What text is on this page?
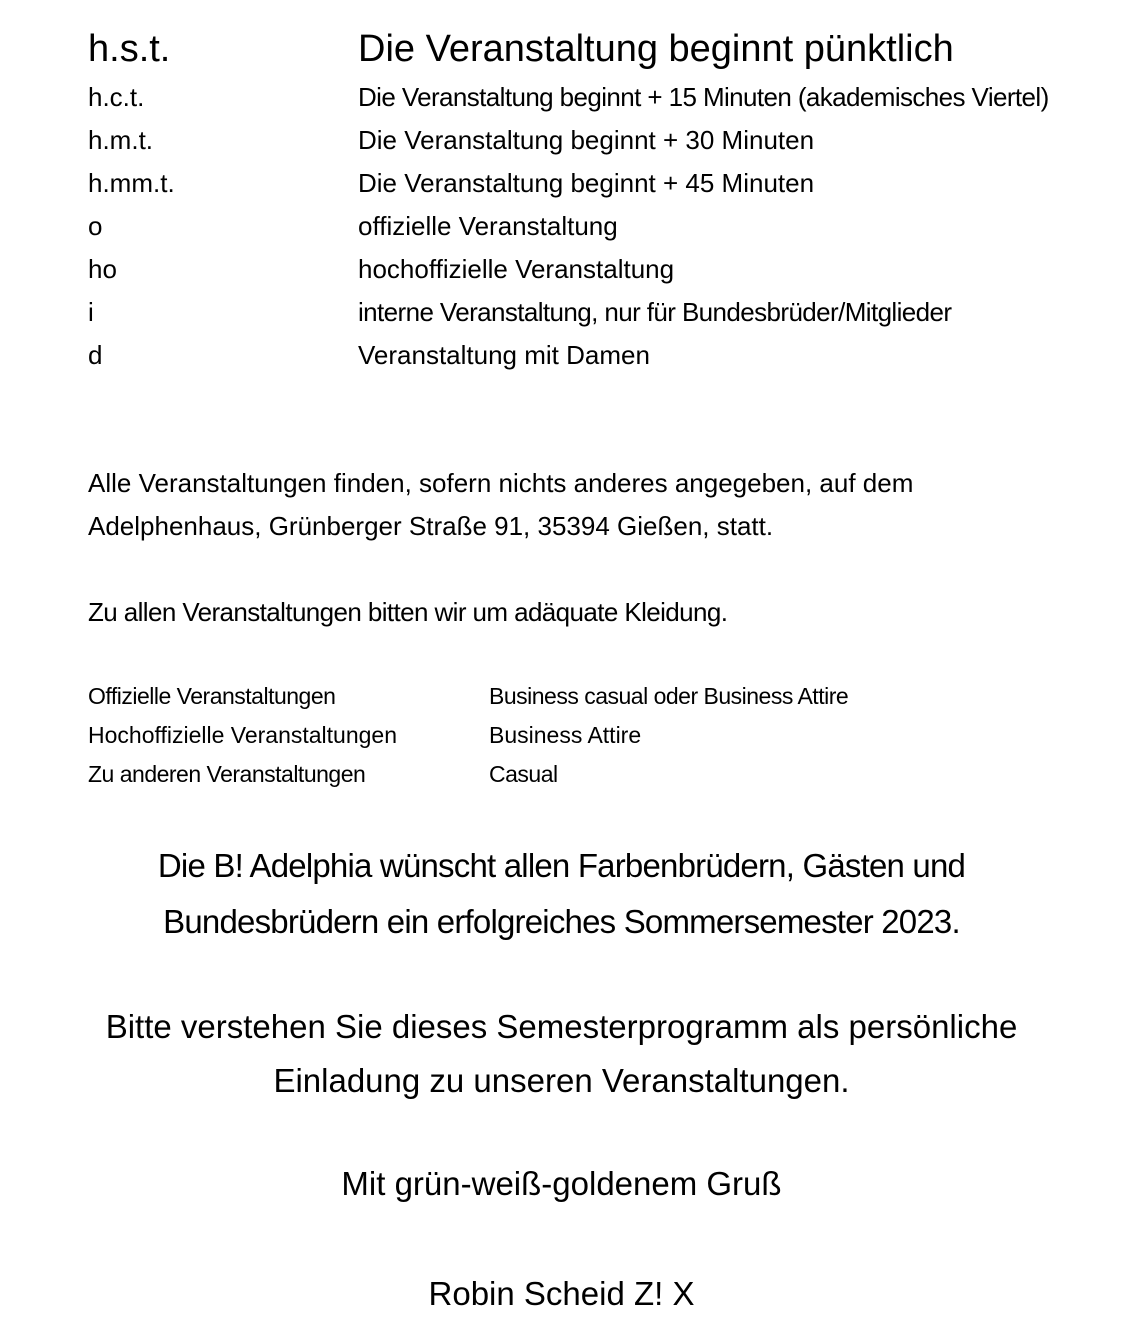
h.s.t.	Die Veranstaltung beginnt pünktlich
h.c.t.	Die Veranstaltung beginnt + 15 Minuten (akademisches Viertel)
h.m.t.	Die Veranstaltung beginnt + 30 Minuten
h.mm.t.	Die Veranstaltung beginnt + 45 Minuten
o	offizielle Veranstaltung
ho	hochoffizielle Veranstaltung
i	interne Veranstaltung, nur für Bundesbrüder/Mitglieder
d	Veranstaltung mit Damen

Alle Veranstaltungen finden, sofern nichts anderes angegeben, auf dem Adelphenhaus, Grünberger Straße 91, 35394 Gießen, statt.

Zu allen Veranstaltungen bitten wir um adäquate Kleidung.

Offizielle Veranstaltungen	Business casual oder Business Attire
Hochoffizielle Veranstaltungen	Business Attire
Zu anderen Veranstaltungen	Casual
Die B! Adelphia wünscht allen Farbenbrüdern, Gästen und
Bundesbrüdern ein erfolgreiches Sommersemester 2023.
Bitte verstehen Sie dieses Semesterprogramm als persönliche
Einladung zu unseren Veranstaltungen.
Mit grün-weiß-goldenem Gruß
Robin Scheid Z! X
